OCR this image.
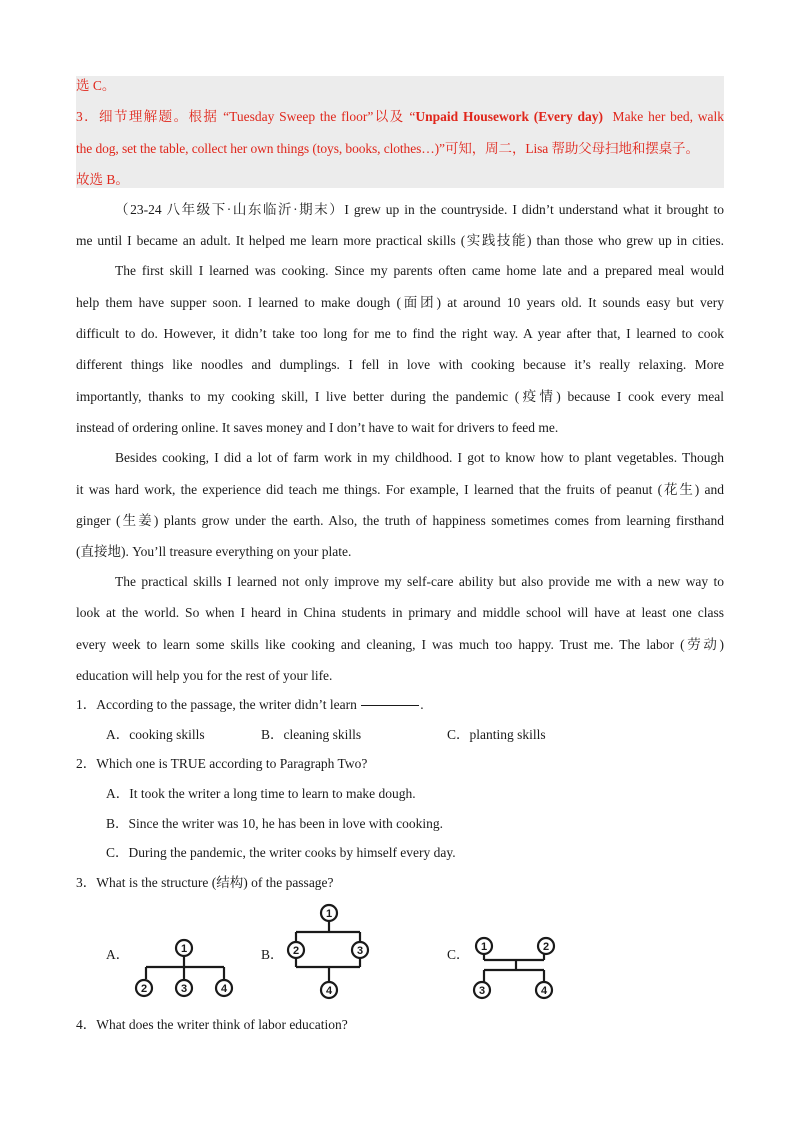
选 C。
3．细节理解题。根据 “Tuesday Sweep the floor”以及 “Unpaid Housework (Every day)  Make her bed, walk
the dog, set the table, collect her own things (toys, books, clothes…)”可知，周二，Lisa 帮助父母扫地和摆桌子。
故选 B。
（23-24 八年级下·山东临沂·期末）I grew up in the countryside. I didn’t understand what it brought to
me until I became an adult. It helped me learn more practical skills (实践技能) than those who grew up in cities.
The first skill I learned was cooking. Since my parents often came home late and a prepared meal would
help them have supper soon. I learned to make dough (面团) at around 10 years old. It sounds easy but very
difficult to do. However, it didn’t take too long for me to find the right way. A year after that, I learned to cook
different things like noodles and dumplings. I fell in love with cooking because it’s really relaxing. More
importantly, thanks to my cooking skill, I live better during the pandemic (疫情) because I cook every meal
instead of ordering online. It saves money and I don’t have to wait for drivers to feed me.
Besides cooking, I did a lot of farm work in my childhood. I got to know how to plant vegetables. Though
it was hard work, the experience did teach me things. For example, I learned that the fruits of peanut (花生) and
ginger (生姜) plants grow under the earth. Also, the truth of happiness sometimes comes from learning firsthand
(直接地). You’ll treasure everything on your plate.
The practical skills I learned not only improve my self-care ability but also provide me with a new way to
look at the world. So when I heard in China students in primary and middle school will have at least one class
every week to learn some skills like cooking and cleaning, I was much too happy. Trust me. The labor (劳动)
education will help you for the rest of your life.
1．According to the passage, the writer didn’t learn	.
A．cooking skills	B．cleaning skills	C．planting skills
2．Which one is TRUE according to Paragraph Two?
A．It took the writer a long time to learn to make dough.
B．Since the writer was 10, he has been in love with cooking.
C．During the pandemic, the writer cooks by himself every day.
3．What is the structure (结构) of the passage?
A．	1
2	3	4
B．
1
2	3
4
C． 1	2
3	4
4．What does the writer think of labor education?
